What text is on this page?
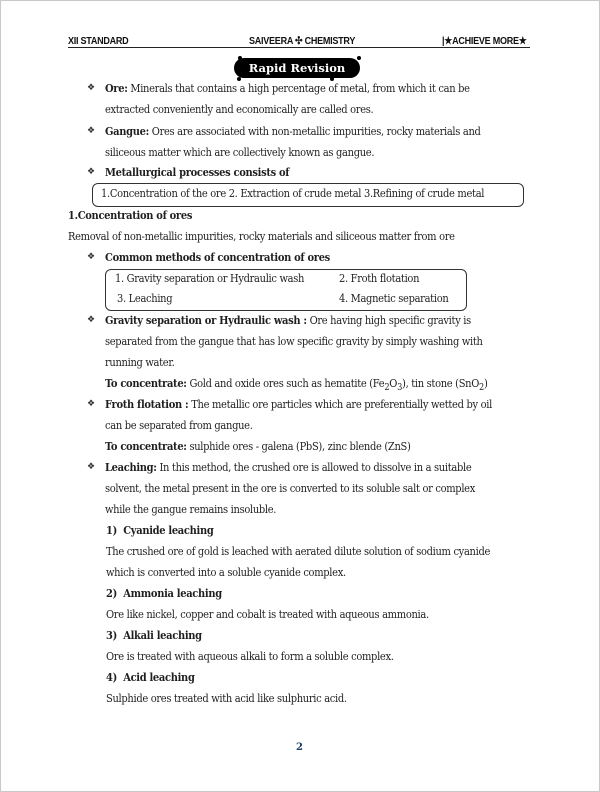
XII STANDARD	SAIVEERA ✣ CHEMISTRY	|★ACHIEVE MORE★
Rapid Revision
❖ Ore: Minerals that contains a high percentage of metal, from which it can be
extracted conveniently and economically are called ores.
❖ Gangue: Ores are associated with non-metallic impurities, rocky materials and
siliceous matter which are collectively known as gangue.
❖ Metallurgical processes consists of
1.Concentration of the ore 2. Extraction of crude metal 3.Refining of crude metal
1.Concentration of ores
Removal of non-metallic impurities, rocky materials and siliceous matter from ore
❖ Common methods of concentration of ores
1. Gravity separation or Hydraulic wash	2. Froth flotation
3. Leaching	4. Magnetic separation
❖ Gravity separation or Hydraulic wash : Ore having high specific gravity is
separated from the gangue that has low specific gravity by simply washing with
running water.
To concentrate: Gold and oxide ores such as hematite $(Fe_2O_3)$, tin stone (SnO$_2$)
❖ Froth flotation : The metallic ore particles which are preferentially wetted by oil
can be separated from gangue.
To concentrate: sulphide ores - galena (PbS), zinc blende (ZnS)
❖ Leaching: In this method, the crushed ore is allowed to dissolve in a suitable
solvent, the metal present in the ore is converted to its soluble salt or complex
while the gangue remains insoluble.
1) Cyanide leaching
The crushed ore of gold is leached with aerated dilute solution of sodium cyanide
which is converted into a soluble cyanide complex.
2) Ammonia leaching
Ore like nickel, copper and cobalt is treated with aqueous ammonia.
3) Alkali leaching
Ore is treated with aqueous alkali to form a soluble complex.
4) Acid leaching
Sulphide ores treated with acid like sulphuric acid.
2
